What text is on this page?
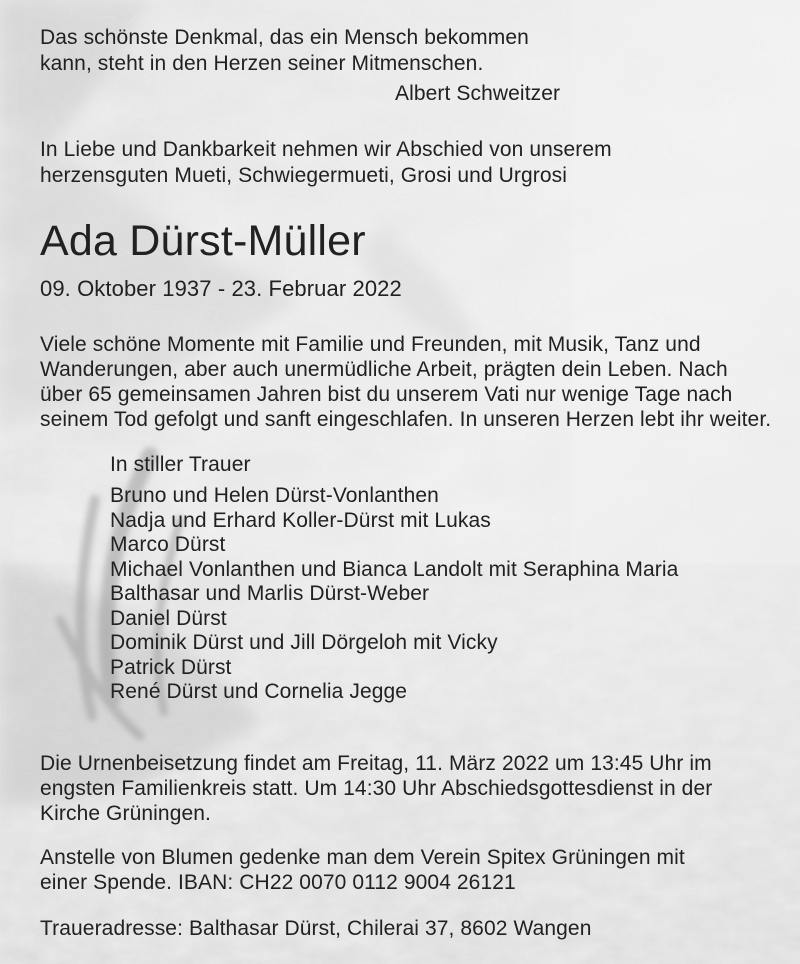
Das schönste Denkmal, das ein Mensch bekommen
kann, steht in den Herzen seiner Mitmenschen.
Albert Schweitzer
In Liebe und Dankbarkeit nehmen wir Abschied von unserem
herzensguten Mueti, Schwiegermueti, Grosi und Urgrosi
Ada Dürst-Müller
09. Oktober 1937 - 23. Februar 2022
Viele schöne Momente mit Familie und Freunden, mit Musik, Tanz und
Wanderungen, aber auch unermüdliche Arbeit, prägten dein Leben. Nach
über 65 gemeinsamen Jahren bist du unserem Vati nur wenige Tage nach
seinem Tod gefolgt und sanft eingeschlafen. In unseren Herzen lebt ihr weiter.
In stiller Trauer
Bruno und Helen Dürst-Vonlanthen
Nadja und Erhard Koller-Dürst mit Lukas
Marco Dürst
Michael Vonlanthen und Bianca Landolt mit Seraphina Maria
Balthasar und Marlis Dürst-Weber
Daniel Dürst
Dominik Dürst und Jill Dörgeloh mit Vicky
Patrick Dürst
René Dürst und Cornelia Jegge
Die Urnenbeisetzung findet am Freitag, 11. März 2022 um 13:45 Uhr im
engsten Familienkreis statt. Um 14:30 Uhr Abschiedsgottesdienst in der
Kirche Grüningen.
Anstelle von Blumen gedenke man dem Verein Spitex Grüningen mit
einer Spende. IBAN: CH22 0070 0112 9004 26121
Traueradresse: Balthasar Dürst, Chilerai 37, 8602 Wangen
